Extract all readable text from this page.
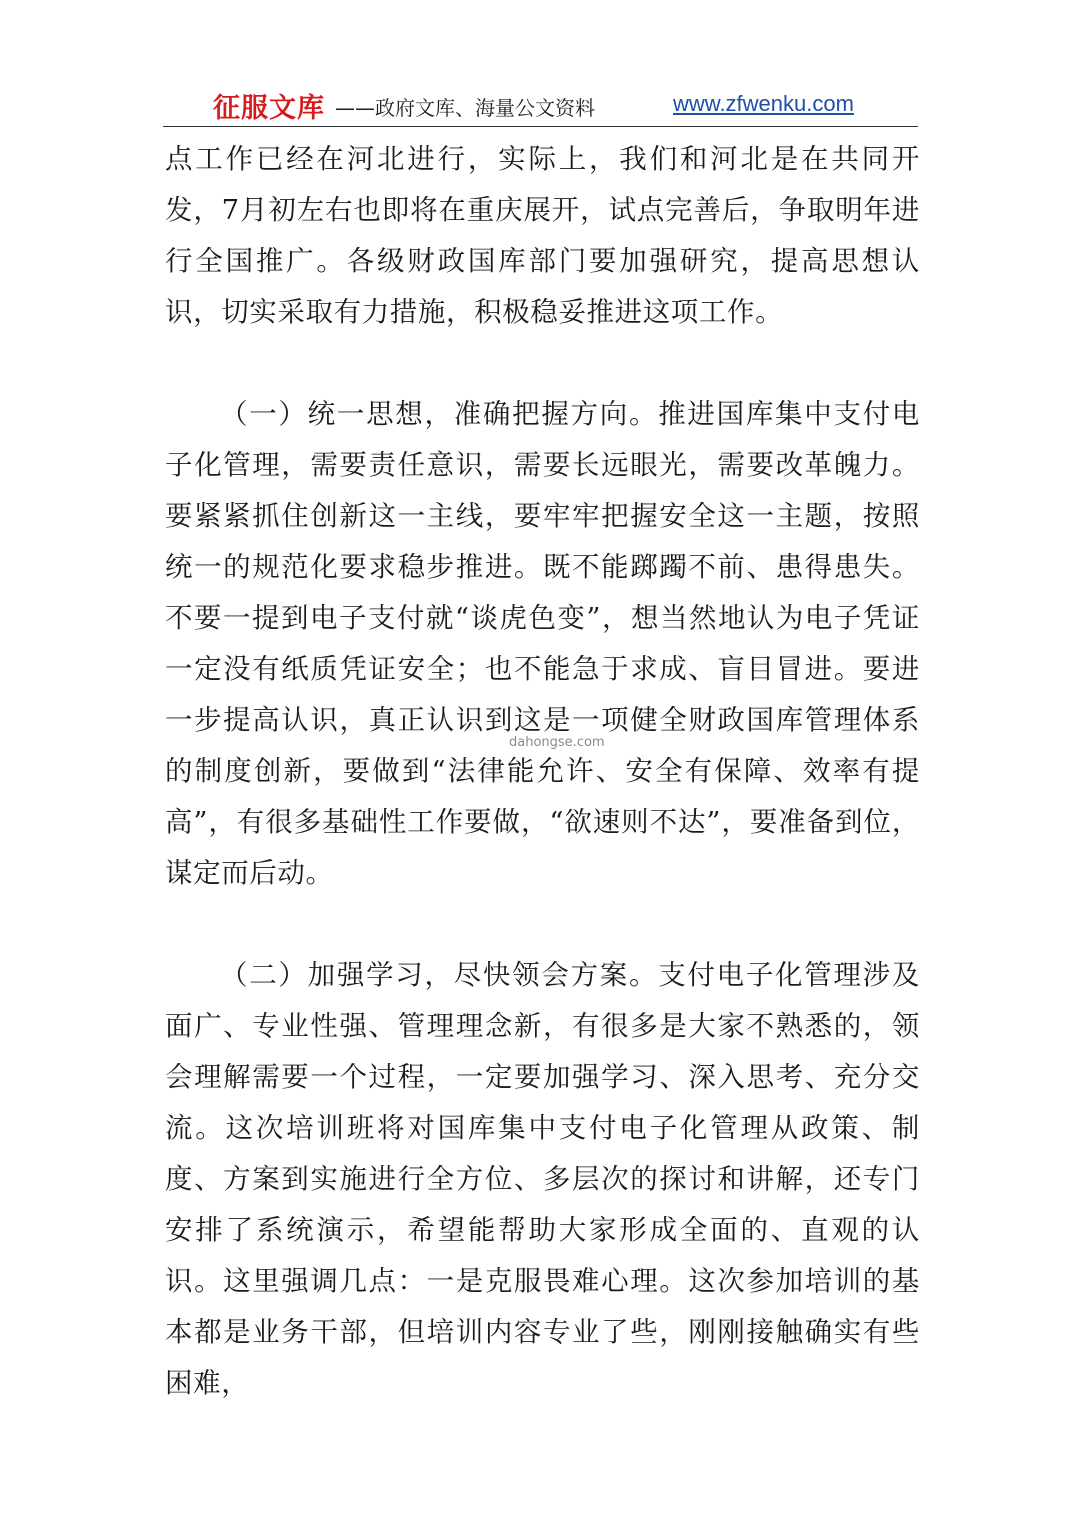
征服文库 ——政府文库、海量公文资料	www.zfwenku.com

点工作已经在河北进行，实际上，我们和河北是在共同开发，7月初左右也即将在重庆展开，试点完善后，争取明年进行全国推广。各级财政国库部门要加强研究，提高思想认识，切实采取有力措施，积极稳妥推进这项工作。

（一）统一思想，准确把握方向。推进国库集中支付电子化管理，需要责任意识，需要长远眼光，需要改革魄力。要紧紧抓住创新这一主线，要牢牢把握安全这一主题，按照统一的规范化要求稳步推进。既不能踯躅不前、患得患失。不要一提到电子支付就“谈虎色变”，想当然地认为电子凭证一定没有纸质凭证安全；也不能急于求成、盲目冒进。要进一步提高认识，真正认识到这是一项健全财政国库管理体系的制度创新，要做到“法律能允许、安全有保障、效率有提高”，有很多基础性工作要做，“欲速则不达”，要准备到位，谋定而后动。

（二）加强学习，尽快领会方案。支付电子化管理涉及面广、专业性强、管理理念新，有很多是大家不熟悉的，领会理解需要一个过程，一定要加强学习、深入思考、充分交流。这次培训班将对国库集中支付电子化管理从政策、制度、方案到实施进行全方位、多层次的探讨和讲解，还专门安排了系统演示，希望能帮助大家形成全面的、直观的认识。这里强调几点：一是克服畏难心理。这次参加培训的基本都是业务干部，但培训内容专业了些，刚刚接触确实有些困难，

dahongse.com
